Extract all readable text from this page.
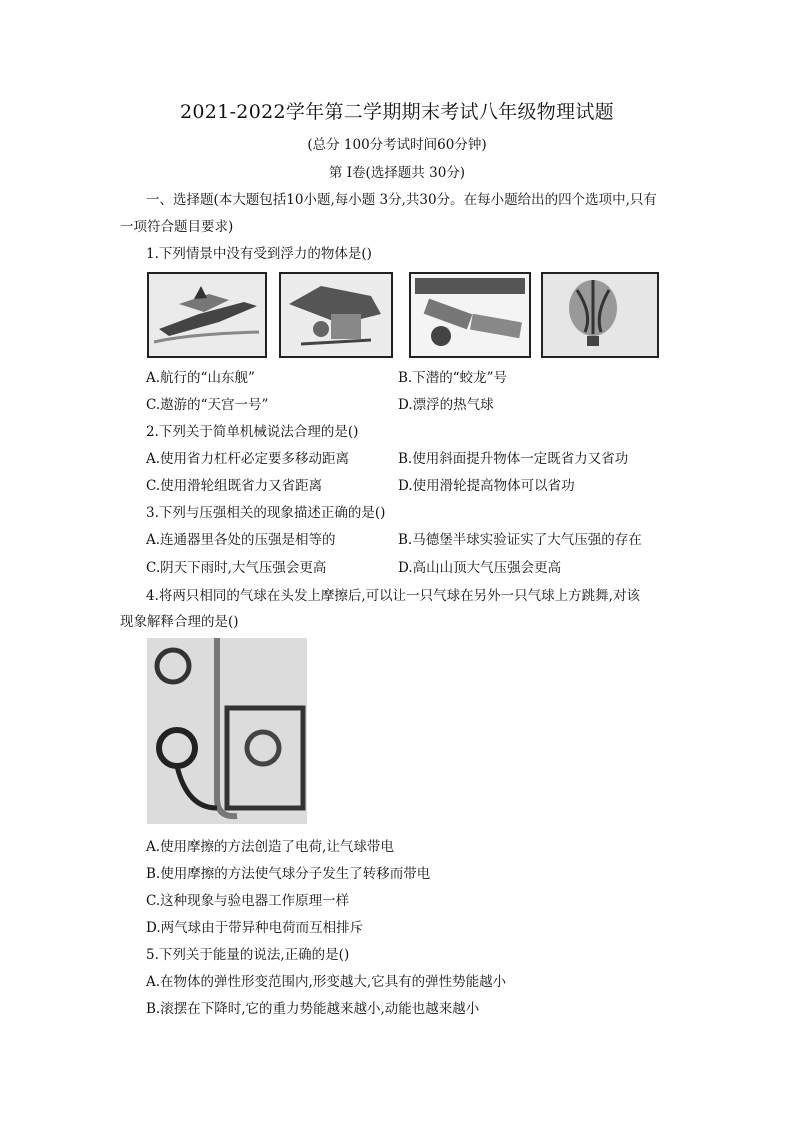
2021-2022学年第二学期期末考试八年级物理试题
(总分 100分考试时间60分钟)
第 I卷(选择题共 30分)
一、选择题(本大题包括10小题,每小题 3分,共30分。在每小题给出的四个选项中,只有
一项符合题目要求)
1.下列情景中没有受到浮力的物体是()
A.航行的“山东舰”	B.下潜的“蛟龙”号
C.遨游的“天宫一号”	D.漂浮的热气球
2.下列关于简单机械说法合理的是()
A.使用省力杠杆必定要多移动距离	B.使用斜面提升物体一定既省力又省功
C.使用滑轮组既省力又省距离	D.使用滑轮提高物体可以省功
3.下列与压强相关的现象描述正确的是()
A.连通器里各处的压强是相等的	B.马德堡半球实验证实了大气压强的存在
C.阴天下雨时,大气压强会更高	D.高山山顶大气压强会更高
4.将两只相同的气球在头发上摩擦后,可以让一只气球在另外一只气球上方跳舞,对该
现象解释合理的是()
A.使用摩擦的方法创造了电荷,让气球带电
B.使用摩擦的方法使气球分子发生了转移而带电
C.这种现象与验电器工作原理一样
D.两气球由于带异种电荷而互相排斥
5.下列关于能量的说法,正确的是()
A.在物体的弹性形变范围内,形变越大,它具有的弹性势能越小
B.滚摆在下降时,它的重力势能越来越小,动能也越来越小
